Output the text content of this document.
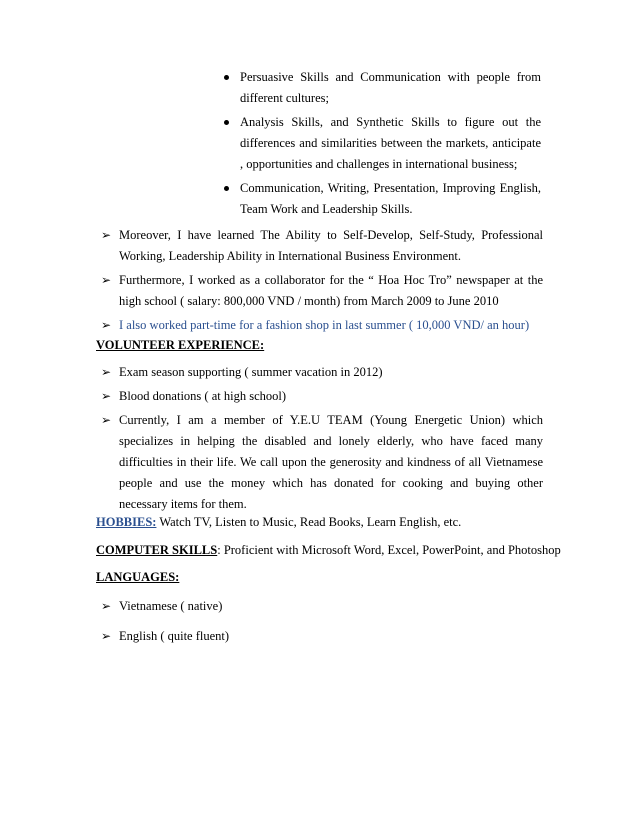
Persuasive Skills and Communication with people from different cultures;
Analysis Skills, and Synthetic Skills to figure out the differences and similarities between the markets, anticipate , opportunities and challenges in international business;
Communication, Writing, Presentation, Improving English, Team Work and Leadership Skills.
➢ Moreover, I have learned The Ability to Self-Develop, Self-Study, Professional Working, Leadership Ability in International Business Environment.
➢ Furthermore, I worked as a collaborator for the “ Hoa Hoc Tro” newspaper at the high school ( salary: 800,000 VND / month) from March 2009 to June 2010
➢ I also worked part-time for a fashion shop in last summer ( 10,000 VND/ an hour)
VOLUNTEER EXPERIENCE:
➢ Exam season supporting ( summer vacation in 2012)
➢ Blood donations ( at high school)
➢ Currently, I am a member of Y.E.U TEAM (Young Energetic Union) which specializes in helping the disabled and lonely elderly, who have faced many difficulties in their life. We call upon the generosity and kindness of all Vietnamese people and use the money which has donated for cooking and buying other necessary items for them.
HOBBIES: Watch TV, Listen to Music, Read Books, Learn English, etc.
COMPUTER SKILLS: Proficient with Microsoft Word, Excel, PowerPoint, and Photoshop
LANGUAGES:
➢ Vietnamese ( native)
➢ English ( quite fluent)
